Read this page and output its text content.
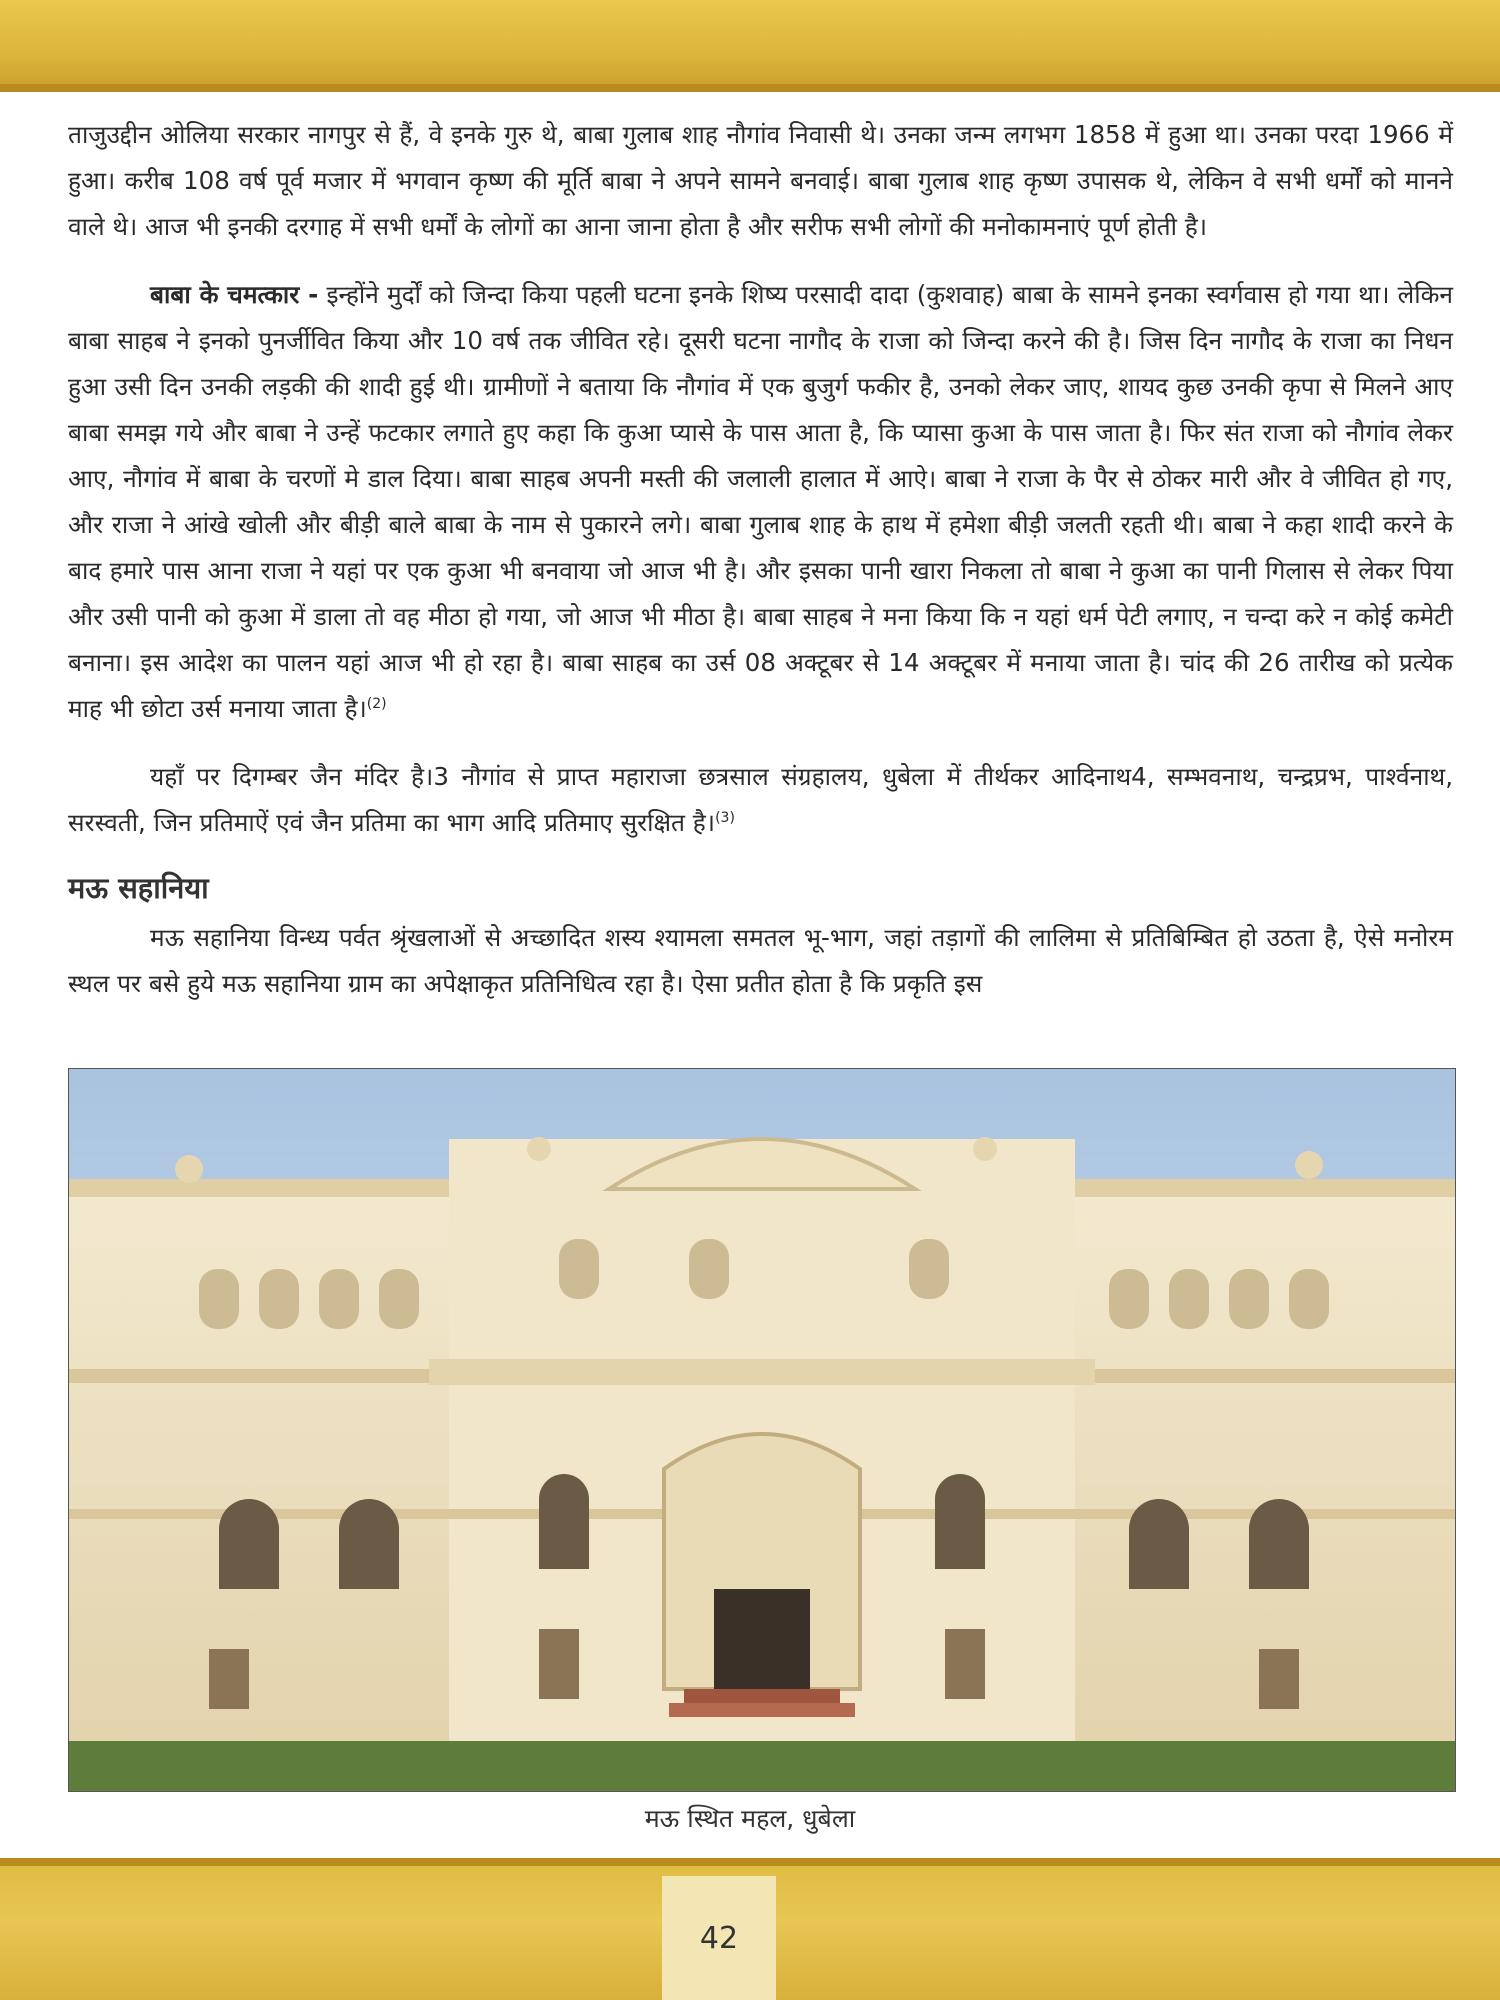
ताजुउद्दीन ओलिया सरकार नागपुर से हैं, वे इनके गुरु थे, बाबा गुलाब शाह नौगांव निवासी थे। उनका जन्म लगभग 1858 में हुआ था। उनका परदा 1966 में हुआ। करीब 108 वर्ष पूर्व मजार में भगवान कृष्ण की मूर्ति बाबा ने अपने सामने बनवाई। बाबा गुलाब शाह कृष्ण उपासक थे, लेकिन वे सभी धर्मों को मानने वाले थे। आज भी इनकी दरगाह में सभी धर्मों के लोगों का आना जाना होता है और सरीफ सभी लोगों की मनोकामनाएं पूर्ण होती है।

बाबा के चमत्कार - इन्होंने मुर्दों को जिन्दा किया पहली घटना इनके शिष्य परसादी दादा (कुशवाह) बाबा के सामने इनका स्वर्गवास हो गया था। लेकिन बाबा साहब ने इनको पुनर्जीवित किया और 10 वर्ष तक जीवित रहे। दूसरी घटना नागौद के राजा को जिन्दा करने की है। जिस दिन नागौद के राजा का निधन हुआ उसी दिन उनकी लड़की की शादी हुई थी। ग्रामीणों ने बताया कि नौगांव में एक बुजुर्ग फकीर है, उनको लेकर जाए, शायद कुछ उनकी कृपा से मिलने आए बाबा समझ गये और बाबा ने उन्हें फटकार लगाते हुए कहा कि कुआ प्यासे के पास आता है, कि प्यासा कुआ के पास जाता है। फिर संत राजा को नौगांव लेकर आए, नौगांव में बाबा के चरणों मे डाल दिया। बाबा साहब अपनी मस्ती की जलाली हालात में आऐ। बाबा ने राजा के पैर से ठोकर मारी और वे जीवित हो गए, और राजा ने आंखे खोली और बीड़ी बाले बाबा के नाम से पुकारने लगे। बाबा गुलाब शाह के हाथ में हमेशा बीड़ी जलती रहती थी। बाबा ने कहा शादी करने के बाद हमारे पास आना राजा ने यहां पर एक कुआ भी बनवाया जो आज भी है। और इसका पानी खारा निकला तो बाबा ने कुआ का पानी गिलास से लेकर पिया और उसी पानी को कुआ में डाला तो वह मीठा हो गया, जो आज भी मीठा है। बाबा साहब ने मना किया कि न यहां धर्म पेटी लगाए, न चन्दा करे न कोई कमेटी बनाना। इस आदेश का पालन यहां आज भी हो रहा है। बाबा साहब का उर्स 08 अक्टूबर से 14 अक्टूबर में मनाया जाता है। चांद की 26 तारीख को प्रत्येक माह भी छोटा उर्स मनाया जाता है।$^{(2)}$

यहाँ पर दिगम्बर जैन मंदिर है।3 नौगांव से प्राप्त महाराजा छत्रसाल संग्रहालय, धुबेला में तीर्थकर आदिनाथ4, सम्भवनाथ, चन्द्रप्रभ, पार्श्वनाथ, सरस्वती, जिन प्रतिमाऐं एवं जैन प्रतिमा का भाग आदि प्रतिमाए सुरक्षित है।$^{(3)}$

मऊ सहानिया

मऊ सहानिया विन्ध्य पर्वत श्रृंखलाओं से अच्छादित शस्य श्यामला समतल भू-भाग, जहां तड़ागों की लालिमा से प्रतिबिम्बित हो उठता है, ऐसे मनोरम स्थल पर बसे हुये मऊ सहानिया ग्राम का अपेक्षाकृत प्रतिनिधित्व रहा है। ऐसा प्रतीत होता है कि प्रकृति इस

मऊ स्थित महल, धुबेला
42
